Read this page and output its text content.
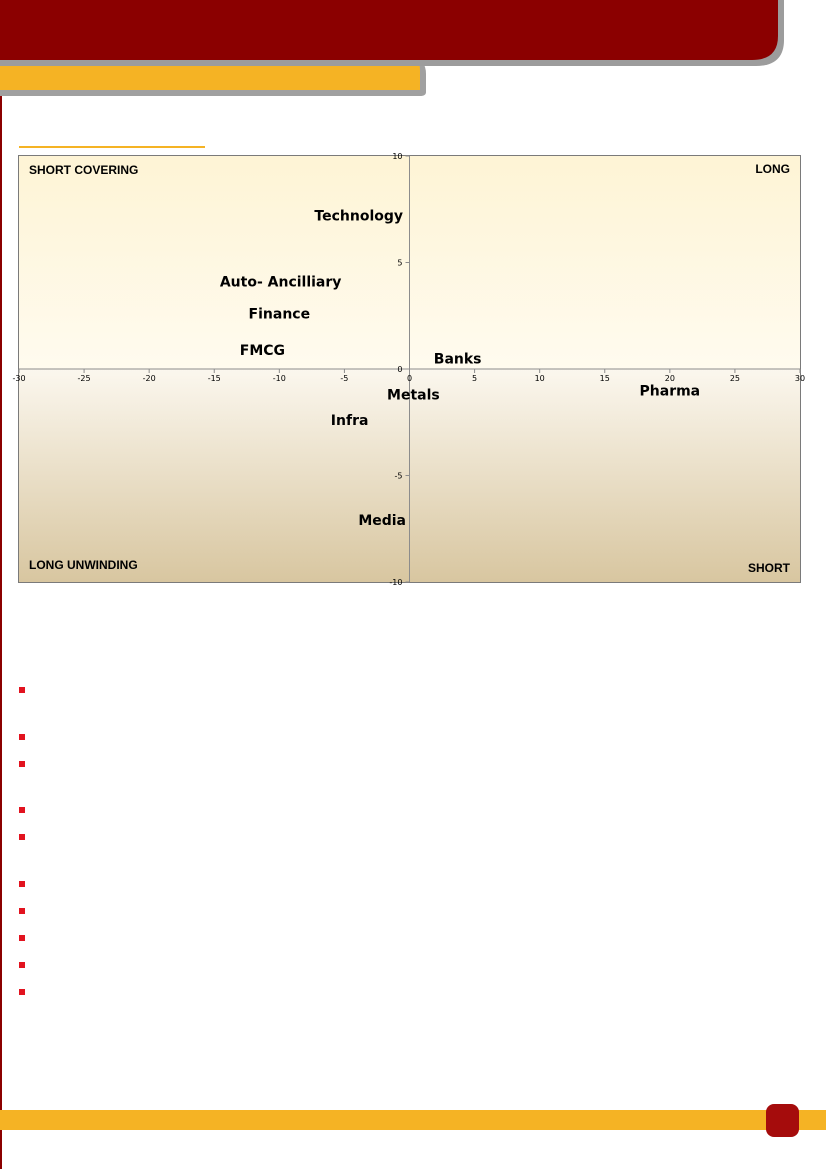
-30	-25	-20	-15	-10	-5	0	5	10	15	20	25	30
10
5
0
-5
-10
SHORT COVERING	LONG
LONG UNWINDING	SHORT
Technology
Auto- Ancilliary
Finance
FMCG
Banks
Metals	Pharma
Infra
Media
